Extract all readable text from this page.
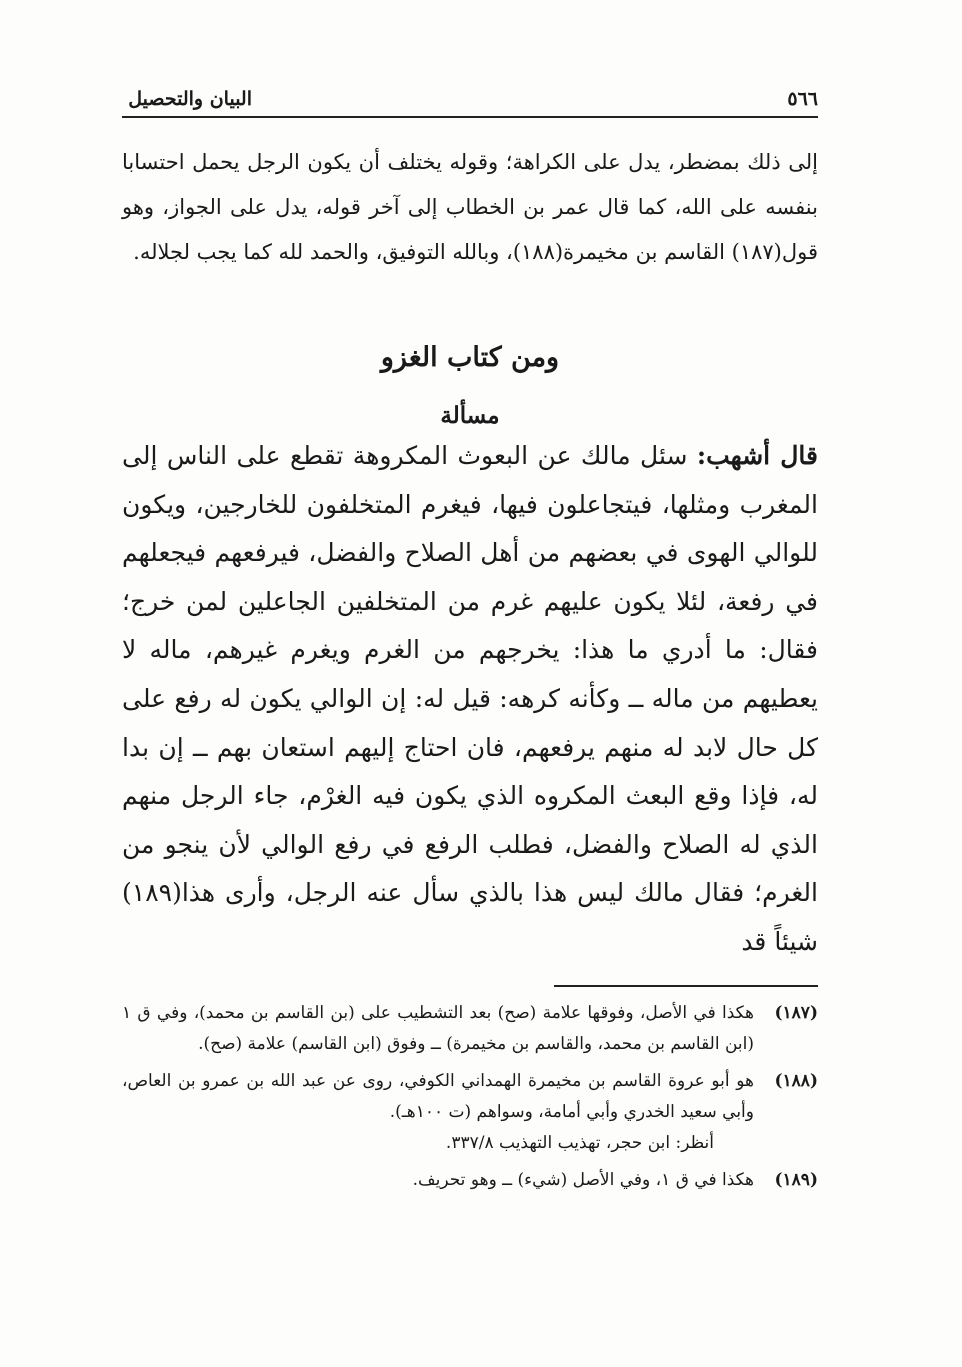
البيان والتحصيل	٥٦٦

إلى ذلك بمضطر، يدل على الكراهة؛ وقوله يختلف أن يكون الرجل يحمل احتسابا بنفسه على الله، كما قال عمر بن الخطاب إلى آخر قوله، يدل على الجواز، وهو قول(١٨٧) القاسم بن مخيمرة(١٨٨)، وبالله التوفيق، والحمد لله كما يجب لجلاله.

ومن كتاب الغزو
مسألة

قال أشهب: سئل مالك عن البعوث المكروهة تقطع على الناس إلى المغرب ومثلها، فيتجاعلون فيها، فيغرم المتخلفون للخارجين، ويكون للوالي الهوى في بعضهم من أهل الصلاح والفضل، فيرفعهم فيجعلهم في رفعة، لئلا يكون عليهم غرم من المتخلفين الجاعلين لمن خرج؛ فقال: ما أدري ما هذا: يخرجهم من الغرم ويغرم غيرهم، ماله لا يعطيهم من ماله ــ وكأنه كرهه: قيل له: إن الوالي يكون له رفع على كل حال لابد له منهم يرفعهم، فان احتاج إليهم استعان بهم ــ إن بدا له، فإذا وقع البعث المكروه الذي يكون فيه الغرْم، جاء الرجل منهم الذي له الصلاح والفضل، فطلب الرفع في رفع الوالي لأن ينجو من الغرم؛ فقال مالك ليس هذا بالذي سأل عنه الرجل، وأرى هذا(١٨٩) شيئاً قد

(١٨٧)
هكذا في الأصل، وفوقها علامة (صح) بعد التشطيب على (بن القاسم بن محمد)، وفي ق ١ (ابن القاسم بن محمد، والقاسم بن مخيمرة) ــ وفوق (ابن القاسم) علامة (صح).
(١٨٨)
هو أبو عروة القاسم بن مخيمرة الهمداني الكوفي، روى عن عبد الله بن عمرو بن العاص، وأبي سعيد الخدري وأبي أمامة، وسواهم (ت ١٠٠هـ).
أنظر: ابن حجر، تهذيب التهذيب ٣٣٧/٨.
(١٨٩)
هكذا في ق ١، وفي الأصل (شيء) ــ وهو تحريف.
